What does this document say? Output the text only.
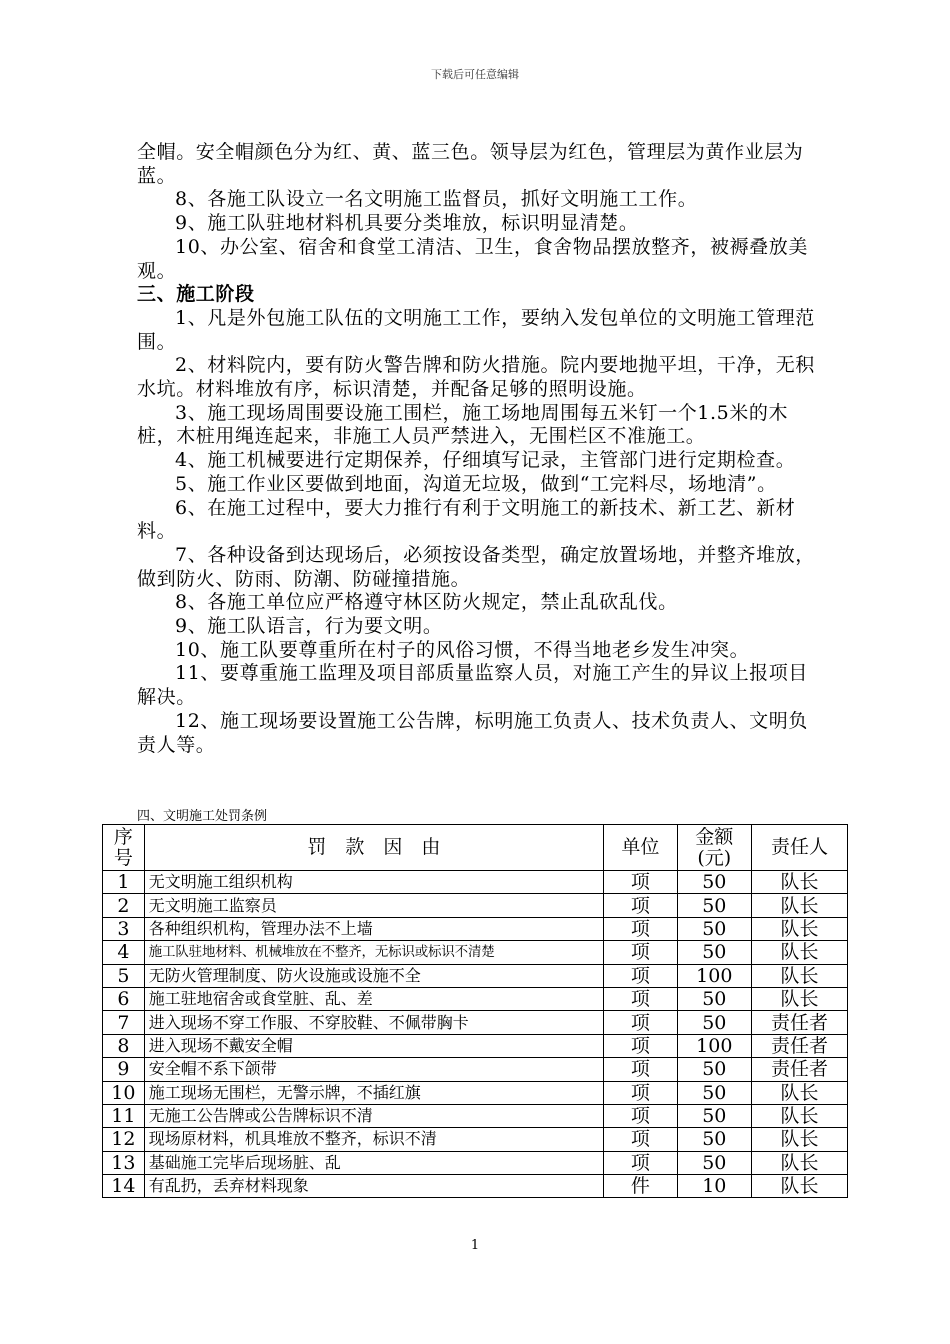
下载后可任意编辑

全帽。安全帽颜色分为红、黄、蓝三色。领导层为红色，管理层为黄作业层为蓝。

8、各施工队设立一名文明施工监督员，抓好文明施工工作。

9、施工队驻地材料机具要分类堆放，标识明显清楚。

10、办公室、宿舍和食堂工清洁、卫生，食舍物品摆放整齐，被褥叠放美观。

三、施工阶段

1、凡是外包施工队伍的文明施工工作，要纳入发包单位的文明施工管理范围。

2、材料院内，要有防火警告牌和防火措施。院内要地抛平坦，干净，无积水坑。材料堆放有序，标识清楚，并配备足够的照明设施。

3、施工现场周围要设施工围栏，施工场地周围每五米钉一个1.5米的木桩，木桩用绳连起来，非施工人员严禁进入，无围栏区不准施工。

4、施工机械要进行定期保养，仔细填写记录，主管部门进行定期检查。

5、施工作业区要做到地面，沟道无垃圾，做到“工完料尽，场地清”。

6、在施工过程中，要大力推行有利于文明施工的新技术、新工艺、新材料。

7、各种设备到达现场后，必须按设备类型，确定放置场地，并整齐堆放，做到防火、防雨、防潮、防碰撞措施。

8、各施工单位应严格遵守林区防火规定，禁止乱砍乱伐。

9、施工队语言，行为要文明。

10、施工队要尊重所在村子的风俗习惯，不得当地老乡发生冲突。

11、要尊重施工监理及项目部质量监察人员，对施工产生的异议上报项目解决。

12、施工现场要设置施工公告牌，标明施工负责人、技术负责人、文明负责人等。

四、文明施工处罚条例
序号	罚　款　因　由	单位	金额(元)	责任人
1	无文明施工组织机构	项	50	队长
2	无文明施工监察员	项	50	队长
3	各种组织机构，管理办法不上墙	项	50	队长
4	施工队驻地材料、机械堆放在不整齐，无标识或标识不清楚	项	50	队长
5	无防火管理制度、防火设施或设施不全	项	100	队长
6	施工驻地宿舍或食堂脏、乱、差	项	50	队长
7	进入现场不穿工作服、不穿胶鞋、不佩带胸卡	项	50	责任者
8	进入现场不戴安全帽	项	100	责任者
9	安全帽不系下颌带	项	50	责任者
10	施工现场无围栏，无警示牌，不插红旗	项	50	队长
11	无施工公告牌或公告牌标识不清	项	50	队长
12	现场原材料，机具堆放不整齐，标识不清	项	50	队长
13	基础施工完毕后现场脏、乱	项	50	队长
14	有乱扔，丢弃材料现象	件	10	队长
1
